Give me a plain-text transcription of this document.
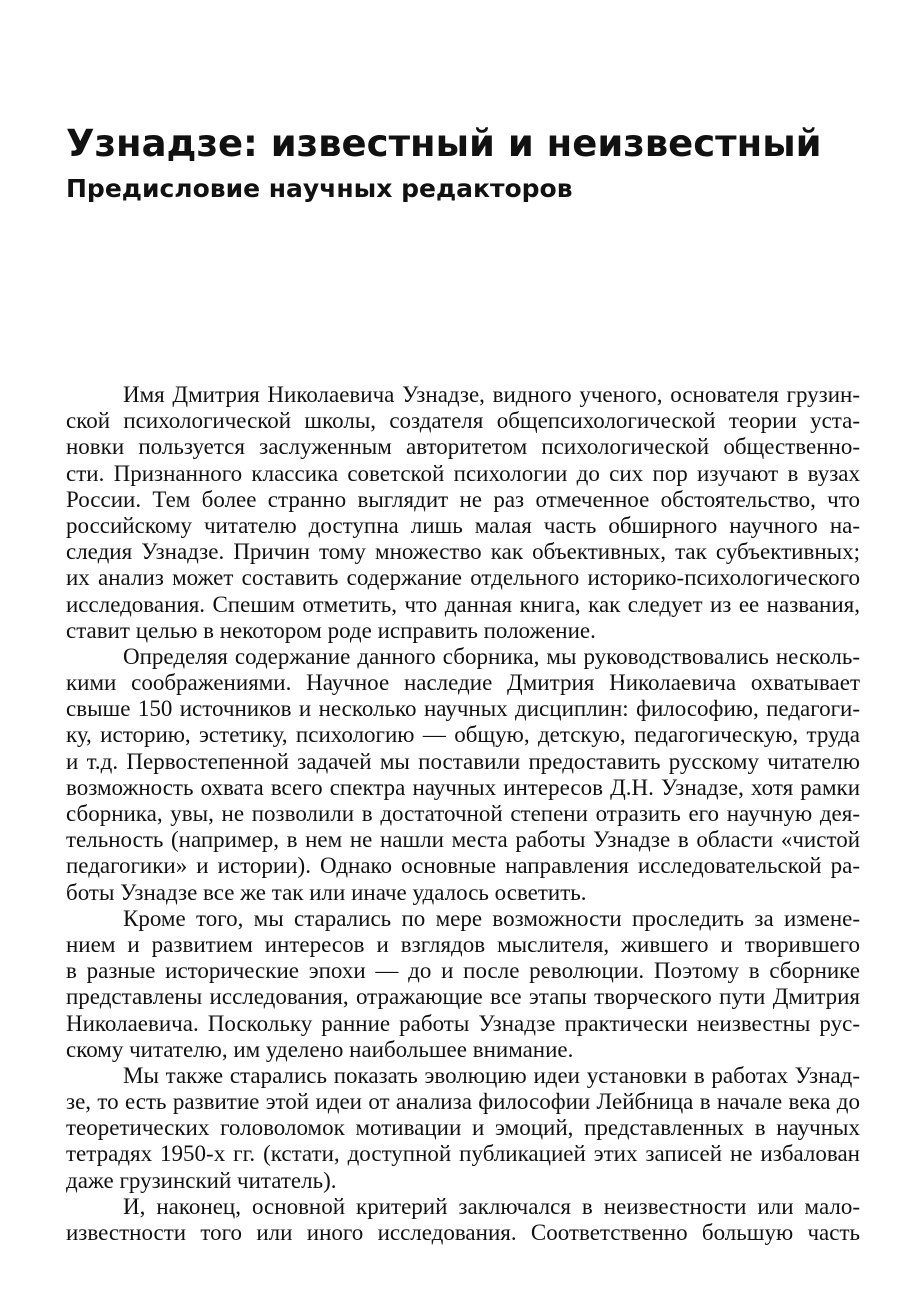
Узнадзе: известный и неизвестный
Предисловие научных редакторов
Имя Дмитрия Николаевича Узнадзе, видного ученого, основателя грузин-
ской психологической школы, создателя общепсихологической теории уста-
новки пользуется заслуженным авторитетом психологической общественно-
сти. Признанного классика советской психологии до сих пор изучают в вузах
России. Тем более странно выглядит не раз отмеченное обстоятельство, что
российскому читателю доступна лишь малая часть обширного научного на-
следия Узнадзе. Причин тому множество как объективных, так субъективных;
их анализ может составить содержание отдельного историко-психологического
исследования. Спешим отметить, что данная книга, как следует из ее названия,
ставит целью в некотором роде исправить положение.
Определяя содержание данного сборника, мы руководствовались несколь-
кими соображениями. Научное наследие Дмитрия Николаевича охватывает
свыше 150 источников и несколько научных дисциплин: философию, педагоги-
ку, историю, эстетику, психологию — общую, детскую, педагогическую, труда
и т.д. Первостепенной задачей мы поставили предоставить русскому читателю
возможность охвата всего спектра научных интересов Д.Н. Узнадзе, хотя рамки
сборника, увы, не позволили в достаточной степени отразить его научную дея-
тельность (например, в нем не нашли места работы Узнадзе в области «чистой
педагогики» и истории). Однако основные направления исследовательской ра-
боты Узнадзе все же так или иначе удалось осветить.
Кроме того, мы старались по мере возможности проследить за измене-
нием и развитием интересов и взглядов мыслителя, жившего и творившего
в разные исторические эпохи — до и после революции. Поэтому в сборнике
представлены исследования, отражающие все этапы творческого пути Дмитрия
Николаевича. Поскольку ранние работы Узнадзе практически неизвестны рус-
скому читателю, им уделено наибольшее внимание.
Мы также старались показать эволюцию идеи установки в работах Узнад-
зе, то есть развитие этой идеи от анализа философии Лейбница в начале века до
теоретических головоломок мотивации и эмоций, представленных в научных
тетрадях 1950-х гг. (кстати, доступной публикацией этих записей не избалован
даже грузинский читатель).
И, наконец, основной критерий заключался в неизвестности или мало-
известности того или иного исследования. Соответственно большую часть
